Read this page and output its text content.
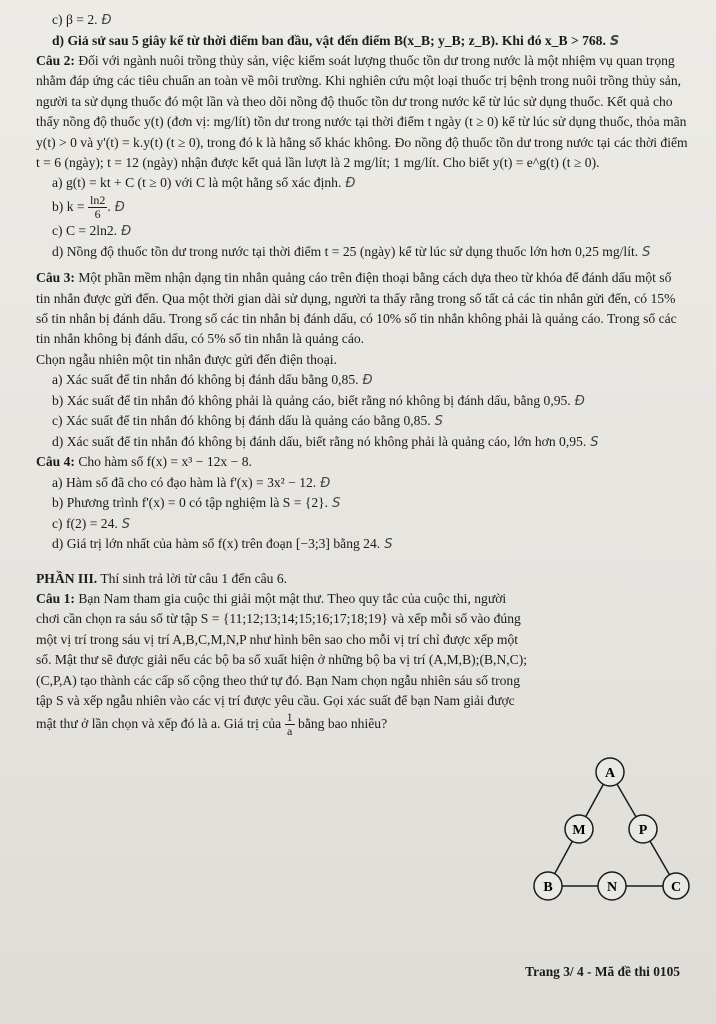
c) β = 2. Đ

d) Giả sử sau 5 giây kể từ thời điểm ban đầu, vật đến điểm B(x_B; y_B; z_B). Khi đó x_B > 768. S

Câu 2: Đối với ngành nuôi trồng thủy sản, việc kiểm soát lượng thuốc tồn dư trong nước là một nhiệm vụ quan trọng nhằm đáp ứng các tiêu chuẩn an toàn về môi trường. Khi nghiên cứu một loại thuốc trị bệnh trong nuôi trồng thủy sản, người ta sử dụng thuốc đó một lần và theo dõi nồng độ thuốc tồn dư trong nước kể từ lúc sử dụng thuốc. Kết quả cho thấy nồng độ thuốc y(t) (đơn vị: mg/lít) tồn dư trong nước tại thời điểm t ngày (t ≥ 0) kể từ lúc sử dụng thuốc, thỏa mãn y(t) > 0 và y'(t) = k.y(t) (t ≥ 0), trong đó k là hằng số khác không. Đo nồng độ thuốc tồn dư trong nước tại các thời điểm t = 6 (ngày); t = 12 (ngày) nhận được kết quả lần lượt là 2 mg/lít; 1 mg/lít. Cho biết y(t) = e^g(t) (t ≥ 0).

a) g(t) = kt + C (t ≥ 0) với C là một hằng số xác định. Đ

b) $k = \frac{\ln 2}{6}$ . Đ

c) C = 2ln2. Đ

d) Nồng độ thuốc tồn dư trong nước tại thời điểm t = 25 (ngày) kể từ lúc sử dụng thuốc lớn hơn 0,25 mg/lít. S

Câu 3: Một phần mềm nhận dạng tin nhắn quảng cáo trên điện thoại bằng cách dựa theo từ khóa để đánh dấu một số tin nhắn được gửi đến. Qua một thời gian dài sử dụng, người ta thấy rằng trong số tất cả các tin nhắn gửi đến, có 15% số tin nhắn bị đánh dấu. Trong số các tin nhắn bị đánh dấu, có 10% số tin nhắn không phải là quảng cáo. Trong số các tin nhắn không bị đánh dấu, có 5% số tin nhắn là quảng cáo.

Chọn ngẫu nhiên một tin nhắn được gửi đến điện thoại.

a) Xác suất để tin nhắn đó không bị đánh dấu bằng 0,85. Đ

b) Xác suất để tin nhắn đó không phải là quảng cáo, biết rằng nó không bị đánh dấu, bằng 0,95. Đ

c) Xác suất để tin nhắn đó không bị đánh dấu là quảng cáo bằng 0,85. S

d) Xác suất để tin nhắn đó không bị đánh dấu, biết rằng nó không phải là quảng cáo, lớn hơn 0,95. S

Câu 4: Cho hàm số f(x) = x³ − 12x − 8.

a) Hàm số đã cho có đạo hàm là f'(x) = 3x² − 12. Đ

b) Phương trình f'(x) = 0 có tập nghiệm là S = {2}. S

c) f(2) = 24. S

d) Giá trị lớn nhất của hàm số f(x) trên đoạn [−3;3] bằng 24. S

PHẦN III. Thí sinh trả lời từ câu 1 đến câu 6.

Câu 1: Bạn Nam tham gia cuộc thi giải một mật thư. Theo quy tắc của cuộc thi, người chơi cần chọn ra sáu số từ tập S = {11;12;13;14;15;16;17;18;19} và xếp mỗi số vào đúng một vị trí trong sáu vị trí A,B,C,M,N,P như hình bên sao cho mỗi vị trí chỉ được xếp một số. Mật thư sẽ được giải nếu các bộ ba số xuất hiện ở những bộ ba vị trí (A,M,B);(B,N,C);(C,P,A) tạo thành các cấp số cộng theo thứ tự đó. Bạn Nam chọn ngẫu nhiên sáu số trong tập S và xếp ngẫu nhiên vào các vị trí được yêu cầu. Gọi xác suất để bạn Nam giải được mật thư ở lần chọn và xếp đó là a. Giá trị của $\frac{1}{a}$ bằng bao nhiêu?

A
M	P
B	N	C
Trang 3/ 4 - Mã đề thi 0105
